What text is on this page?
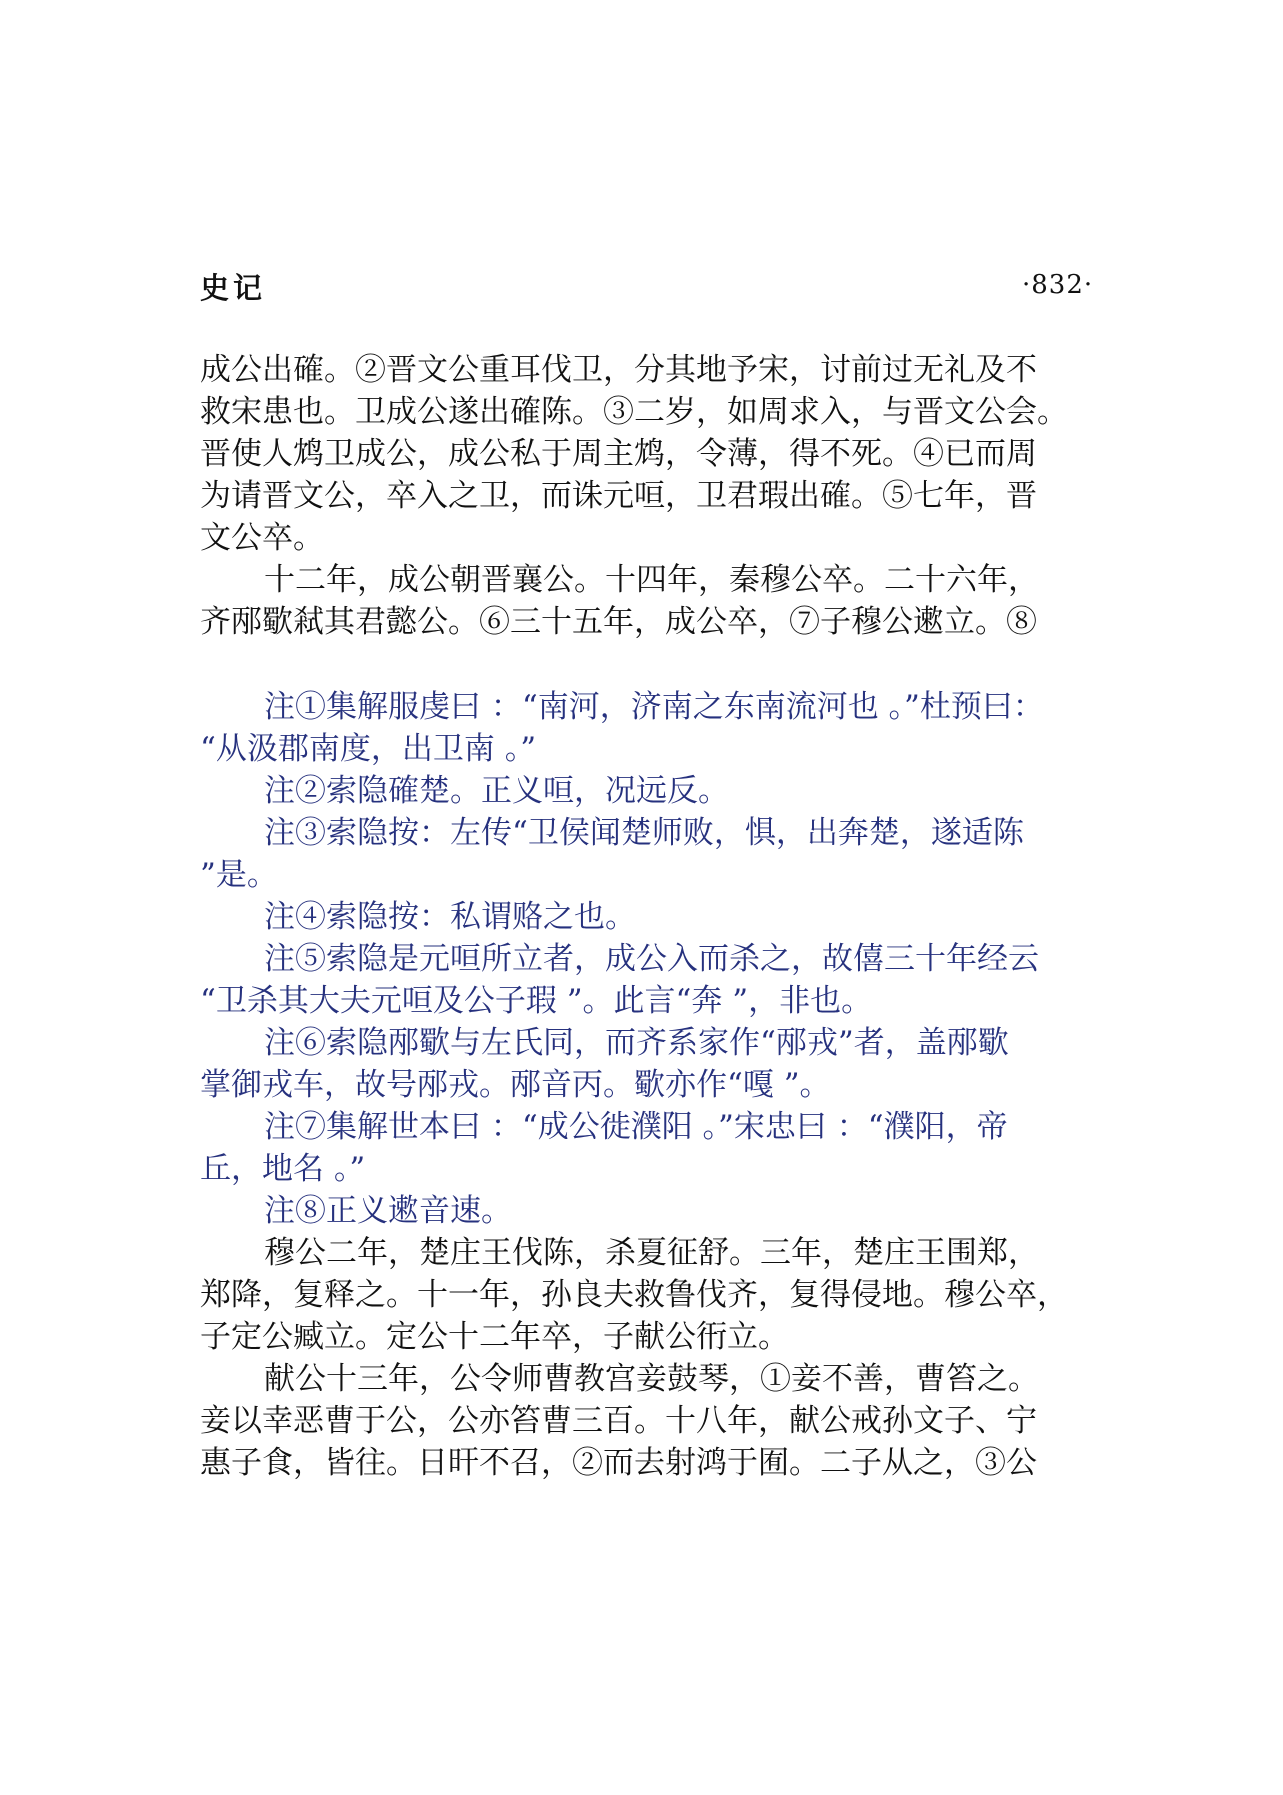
史记	·832·
成公出確。②晋文公重耳伐卫，分其地予宋，讨前过无礼及不
救宋患也。卫成公遂出確陈。③二岁，如周求入，与晋文公会。
晋使人鸩卫成公，成公私于周主鸩，令薄，得不死。④已而周
为请晋文公，卒入之卫，而诛元咺，卫君瑕出確。⑤七年，晋
文公卒。
十二年，成公朝晋襄公。十四年，秦穆公卒。二十六年，
齐邴歜弒其君懿公。⑥三十五年，成公卒，⑦子穆公遬立。⑧
注①集解服虔曰 ：“南河，济南之东南流河也 。”杜预曰：
“从汲郡南度，出卫南 。”
注②索隐確楚。正义咺，况远反。
注③索隐按：左传“卫侯闻楚师败，惧，出奔楚，遂适陈
”是。
注④索隐按：私谓赂之也。
注⑤索隐是元咺所立者，成公入而杀之，故僖三十年经云
“卫杀其大夫元咺及公子瑕 ”。此言“奔 ”，非也。
注⑥索隐邴歜与左氏同，而齐系家作“邴戎”者，盖邴歜
掌御戎车，故号邴戎。邴音丙。歜亦作“嘎 ”。
注⑦集解世本曰 ：“成公徙濮阳 。”宋忠曰 ：“濮阳，帝
丘，地名 。”
注⑧正义遬音速。
穆公二年，楚庄王伐陈，杀夏征舒。三年，楚庄王围郑，
郑降，复释之。十一年，孙良夫救鲁伐齐，复得侵地。穆公卒，
子定公臧立。定公十二年卒，子献公衎立。
献公十三年，公令师曹教宫妾鼓琴，①妾不善，曹笞之。
妾以幸恶曹于公，公亦笞曹三百。十八年，献公戒孙文子、宁
惠子食，皆往。日旰不召，②而去射鸿于囿。二子从之，③公
